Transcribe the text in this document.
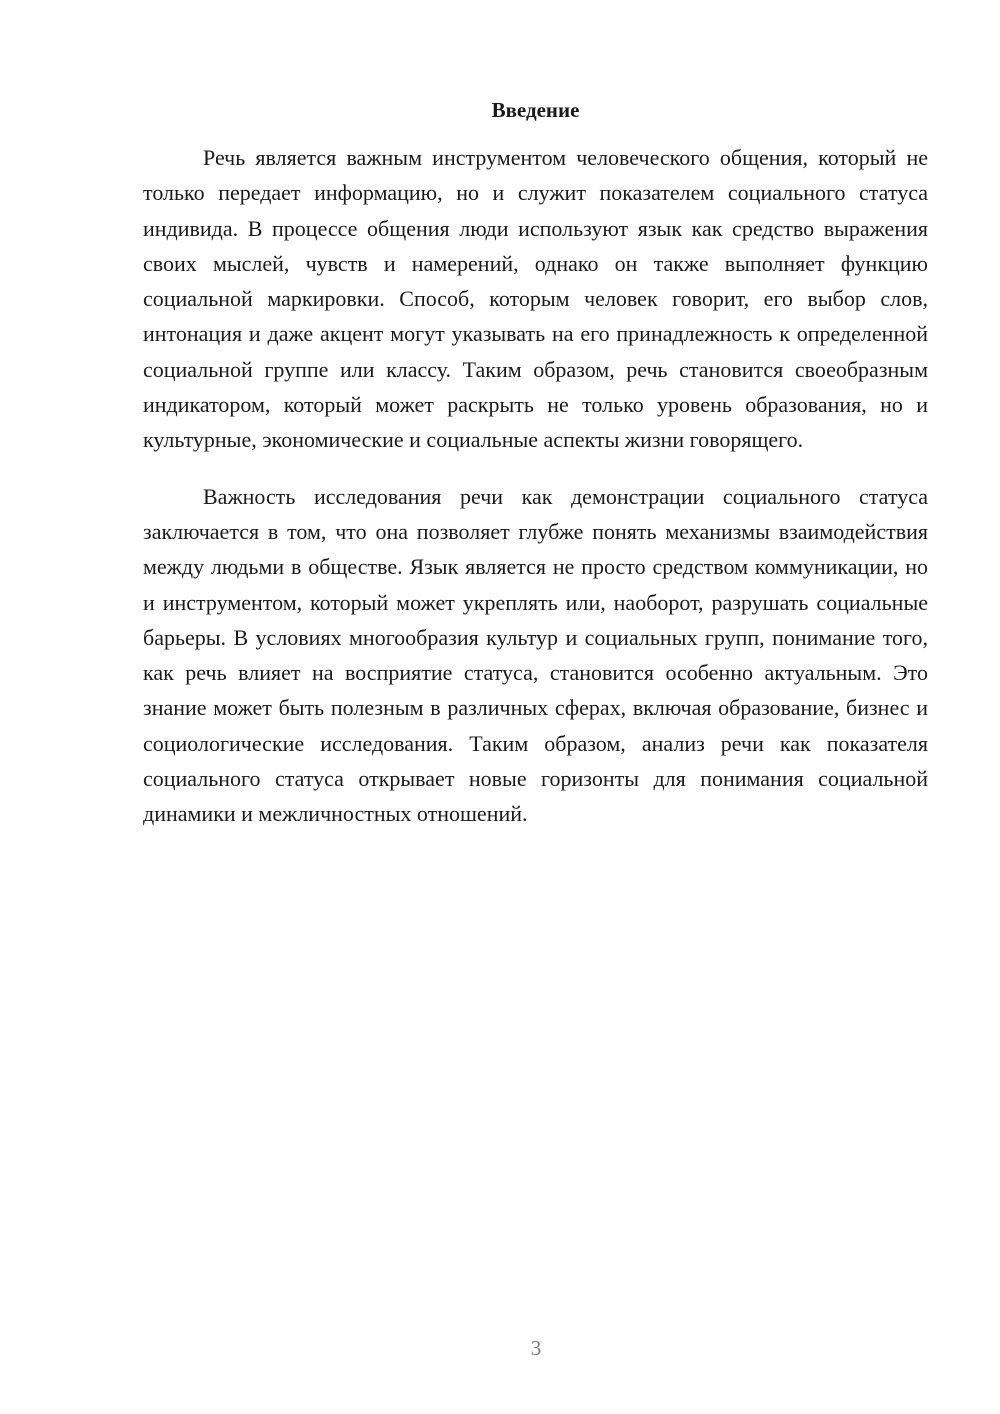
Введение

Речь является важным инструментом человеческого общения, который не только передает информацию, но и служит показателем социального статуса индивида. В процессе общения люди используют язык как средство выражения своих мыслей, чувств и намерений, однако он также выполняет функцию социальной маркировки. Способ, которым человек говорит, его выбор слов, интонация и даже акцент могут указывать на его принадлежность к определенной социальной группе или классу. Таким образом, речь становится своеобразным индикатором, который может раскрыть не только уровень образования, но и культурные, экономические и социальные аспекты жизни говорящего.

Важность исследования речи как демонстрации социального статуса заключается в том, что она позволяет глубже понять механизмы взаимодействия между людьми в обществе. Язык является не просто средством коммуникации, но и инструментом, который может укреплять или, наоборот, разрушать социальные барьеры. В условиях многообразия культур и социальных групп, понимание того, как речь влияет на восприятие статуса, становится особенно актуальным. Это знание может быть полезным в различных сферах, включая образование, бизнес и социологические исследования. Таким образом, анализ речи как показателя социального статуса открывает новые горизонты для понимания социальной динамики и межличностных отношений.

3
